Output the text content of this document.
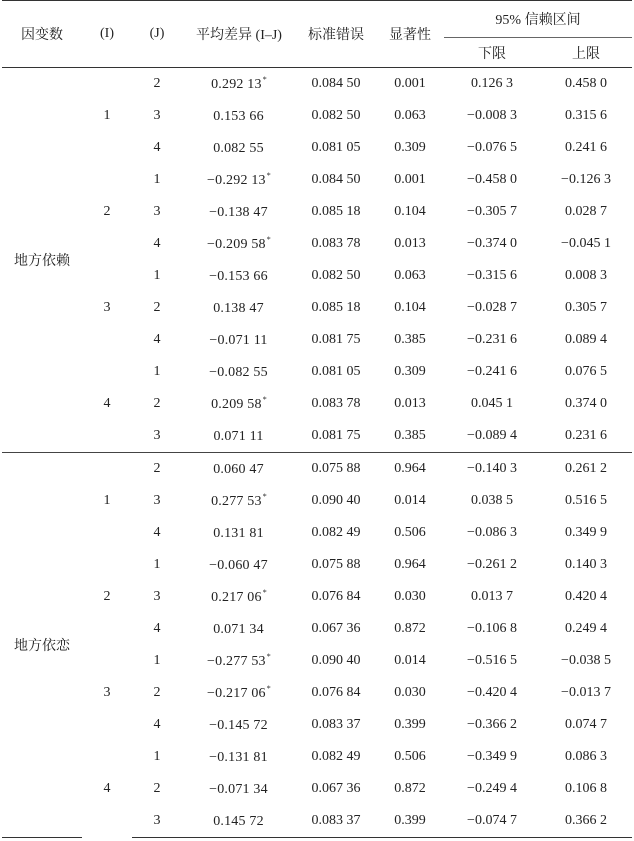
因变数	(I)	(J)	平均差异 (I–J)	标准错误	显著性	95% 信赖区间	
						下限	上限
地方依赖	1	2	0.292 13*	0.084 50	0.001	0.126 3	0.458 0
		3	0.153 66	0.082 50	0.063	−0.008 3	0.315 6
		4	0.082 55	0.081 05	0.309	−0.076 5	0.241 6
	2	1	−0.292 13*	0.084 50	0.001	−0.458 0	−0.126 3
		3	−0.138 47	0.085 18	0.104	−0.305 7	0.028 7
		4	−0.209 58*	0.083 78	0.013	−0.374 0	−0.045 1
	3	1	−0.153 66	0.082 50	0.063	−0.315 6	0.008 3
		2	0.138 47	0.085 18	0.104	−0.028 7	0.305 7
		4	−0.071 11	0.081 75	0.385	−0.231 6	0.089 4
	4	1	−0.082 55	0.081 05	0.309	−0.241 6	0.076 5
		2	0.209 58*	0.083 78	0.013	0.045 1	0.374 0
		3	0.071 11	0.081 75	0.385	−0.089 4	0.231 6
地方依恋	1	2	0.060 47	0.075 88	0.964	−0.140 3	0.261 2
		3	0.277 53*	0.090 40	0.014	0.038 5	0.516 5
		4	0.131 81	0.082 49	0.506	−0.086 3	0.349 9
	2	1	−0.060 47	0.075 88	0.964	−0.261 2	0.140 3
		3	0.217 06*	0.076 84	0.030	0.013 7	0.420 4
		4	0.071 34	0.067 36	0.872	−0.106 8	0.249 4
	3	1	−0.277 53*	0.090 40	0.014	−0.516 5	−0.038 5
		2	−0.217 06*	0.076 84	0.030	−0.420 4	−0.013 7
		4	−0.145 72	0.083 37	0.399	−0.366 2	0.074 7
	4	1	−0.131 81	0.082 49	0.506	−0.349 9	0.086 3
		2	−0.071 34	0.067 36	0.872	−0.249 4	0.106 8
		3	0.145 72	0.083 37	0.399	−0.074 7	0.366 2
